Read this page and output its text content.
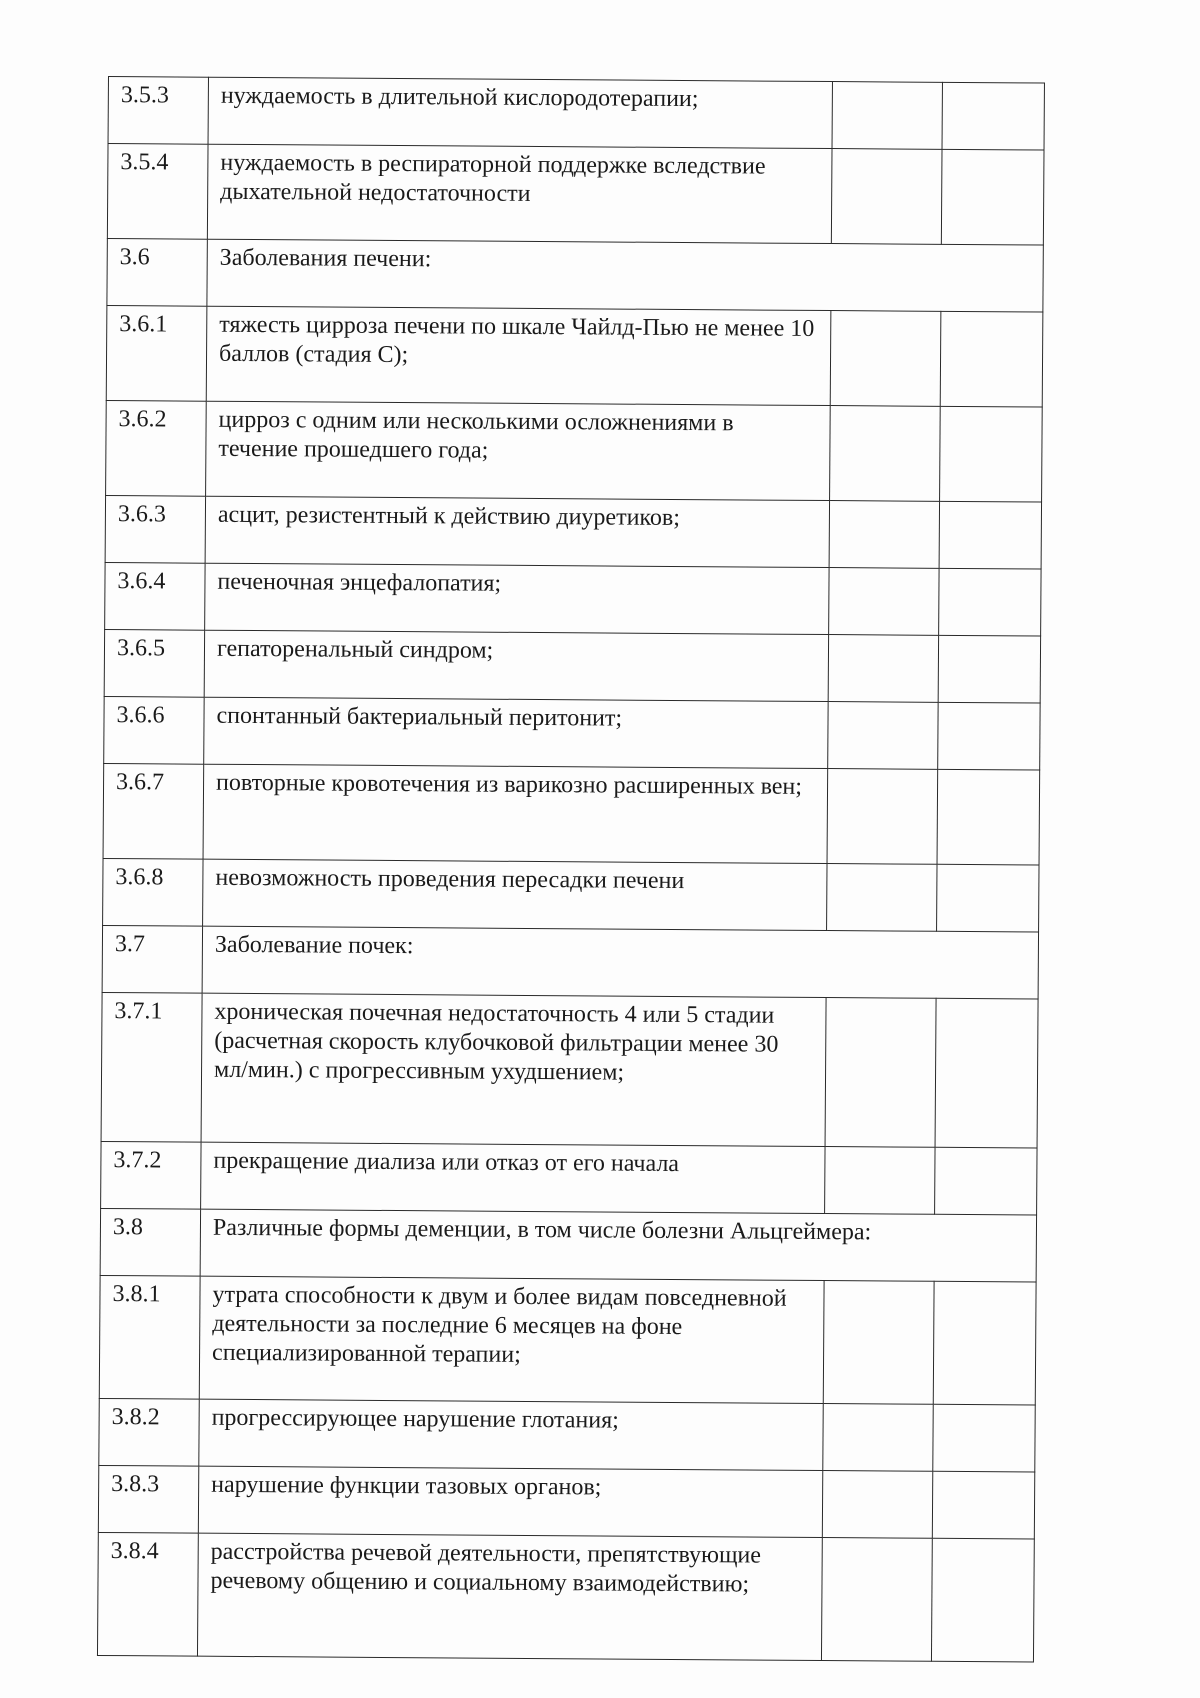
3.5.3	нуждаемость в длительной кислородотерапии;		
3.5.4	нуждаемость в респираторной поддержке вследствие дыхательной недостаточности		
3.6	Заболевания печени:		
3.6.1	тяжесть цирроза печени по шкале Чайлд-Пью не менее 10 баллов (стадия C);		
3.6.2	цирроз с одним или несколькими осложнениями в течение прошедшего года;		
3.6.3	асцит, резистентный к действию диуретиков;		
3.6.4	печеночная энцефалопатия;		
3.6.5	гепаторенальный синдром;		
3.6.6	спонтанный бактериальный перитонит;		
3.6.7	повторные кровотечения из варикозно расширенных вен;		
3.6.8	невозможность проведения пересадки печени		
3.7	Заболевание почек:		
3.7.1	хроническая почечная недостаточность 4 или 5 стадии (расчетная скорость клубочковой фильтрации менее 30 мл/мин.) с прогрессивным ухудшением;		
3.7.2	прекращение диализа или отказ от его начала		
3.8	Различные формы деменции, в том числе болезни Альцгеймера:		
3.8.1	утрата способности к двум и более видам повседневной деятельности за последние 6 месяцев на фоне специализированной терапии;		
3.8.2	прогрессирующее нарушение глотания;		
3.8.3	нарушение функции тазовых органов;		
3.8.4	расстройства речевой деятельности, препятствующие речевому общению и социальному взаимодействию;		
